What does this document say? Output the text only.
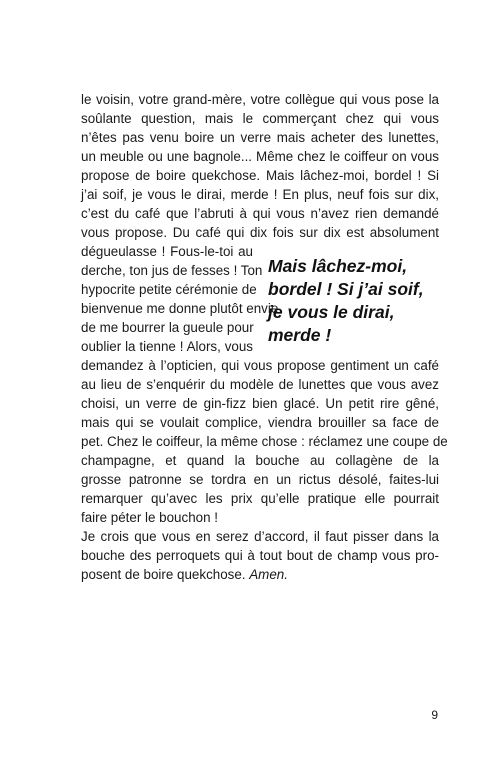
le voisin, votre grand-mère, votre collègue qui vous pose la
soûlante question, mais le commerçant chez qui vous
n’êtes pas venu boire un verre mais acheter des lunettes,
un meuble ou une bagnole... Même chez le coiffeur on vous
propose de boire quekchose. Mais lâchez-moi, bordel ! Si
j’ai soif, je vous le dirai, merde ! En plus, neuf fois sur dix,
c’est du café que l’abruti à qui vous n’avez rien demandé
vous propose. Du café qui dix fois sur dix est absolument
dégueulasse ! Fous-le-toi au
derche, ton jus de fesses ! Ton
hypocrite petite cérémonie de
bienvenue me donne plutôt envie
de me bourrer la gueule pour
oublier la tienne ! Alors, vous
Mais lâchez-moi,
bordel ! Si j’ai soif,
je vous le dirai,
merde !
demandez à l’opticien, qui vous propose gentiment un café
au lieu de s’enquérir du modèle de lunettes que vous avez
choisi, un verre de gin-fizz bien glacé. Un petit rire gêné,
mais qui se voulait complice, viendra brouiller sa face de
pet. Chez le coiffeur, la même chose : réclamez une coupe de
champagne, et quand la bouche au collagène de la
grosse patronne se tordra en un rictus désolé, faites-lui
remarquer qu’avec les prix qu’elle pratique elle pourrait
faire péter le bouchon !
Je crois que vous en serez d’accord, il faut pisser dans la
bouche des perroquets qui à tout bout de champ vous pro-
posent de boire quekchose. Amen.
9
